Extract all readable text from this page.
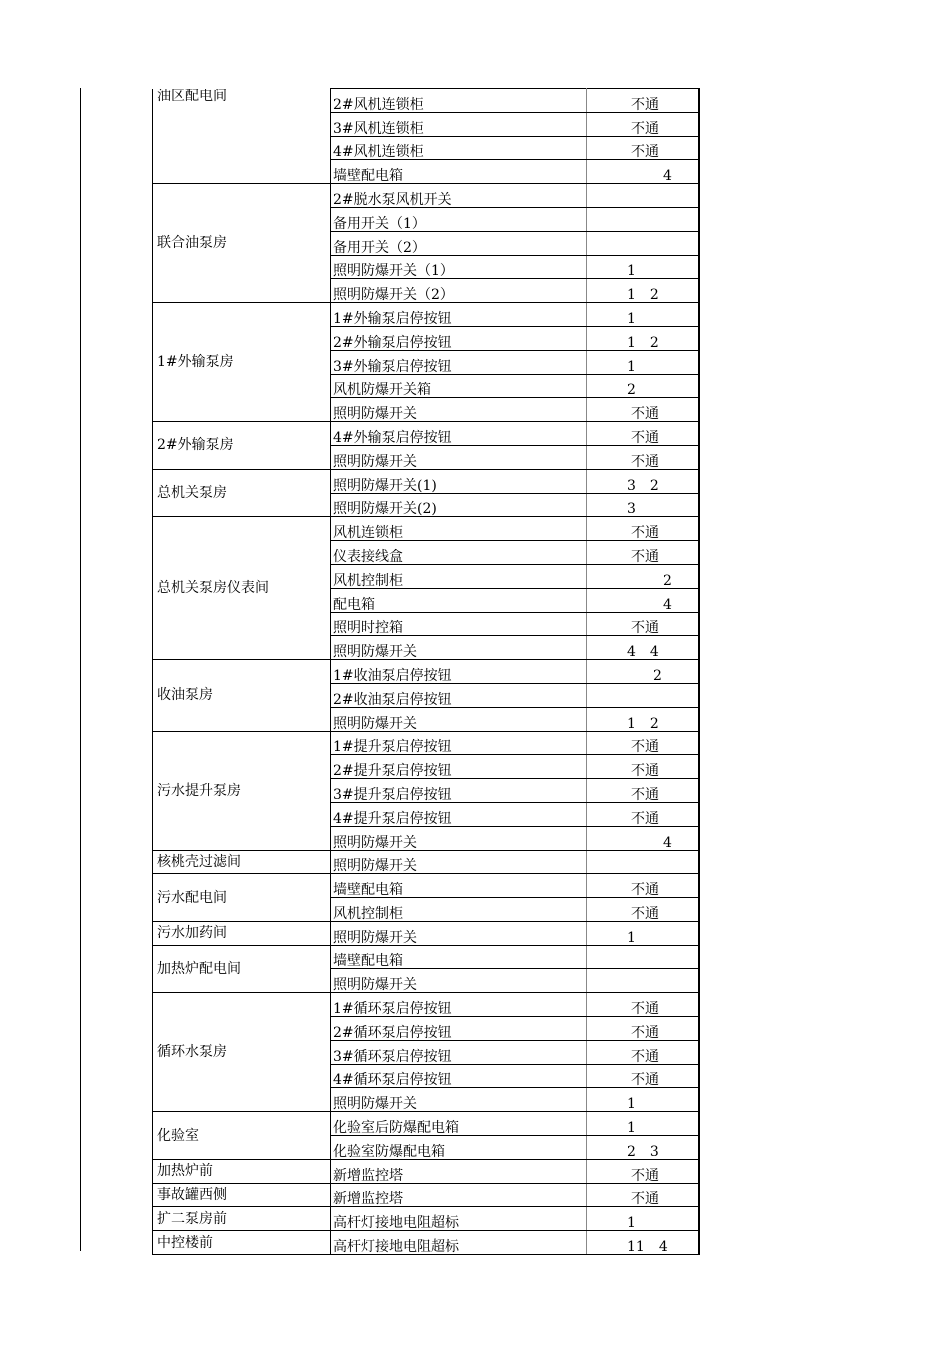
油区配电间	2#风机连锁柜	不通
	3#风机连锁柜	不通
	4#风机连锁柜	不通
	墙壁配电箱	4
联合油泵房	2#脱水泵风机开关	
	备用开关（1）	
	备用开关（2）	
	照明防爆开关（1）	1
	照明防爆开关（2）	1　2
1#外输泵房	1#外输泵启停按钮	1
	2#外输泵启停按钮	1　2
	3#外输泵启停按钮	1
	风机防爆开关箱	2
	照明防爆开关	不通
2#外输泵房	4#外输泵启停按钮	不通
	照明防爆开关	不通
总机关泵房	照明防爆开关(1)	3　2
	照明防爆开关(2)	3
总机关泵房仪表间	风机连锁柜	不通
	仪表接线盒	不通
	风机控制柜	2
	配电箱	4
	照明时控箱	不通
	照明防爆开关	4　4
收油泵房	1#收油泵启停按钮	2
	2#收油泵启停按钮	
	照明防爆开关	1　2
污水提升泵房	1#提升泵启停按钮	不通
	2#提升泵启停按钮	不通
	3#提升泵启停按钮	不通
	4#提升泵启停按钮	不通
	照明防爆开关	4
核桃壳过滤间	照明防爆开关	
污水配电间	墙壁配电箱	不通
	风机控制柜	不通
污水加药间	照明防爆开关	1
加热炉配电间	墙壁配电箱	
	照明防爆开关	
循环水泵房	1#循环泵启停按钮	不通
	2#循环泵启停按钮	不通
	3#循环泵启停按钮	不通
	4#循环泵启停按钮	不通
	照明防爆开关	1
化验室	化验室后防爆配电箱	1
	化验室防爆配电箱	2　3
加热炉前	新增监控塔	不通
事故罐西侧	新增监控塔	不通
扩二泵房前	高杆灯接地电阻超标	1
中控楼前	高杆灯接地电阻超标	11　4
